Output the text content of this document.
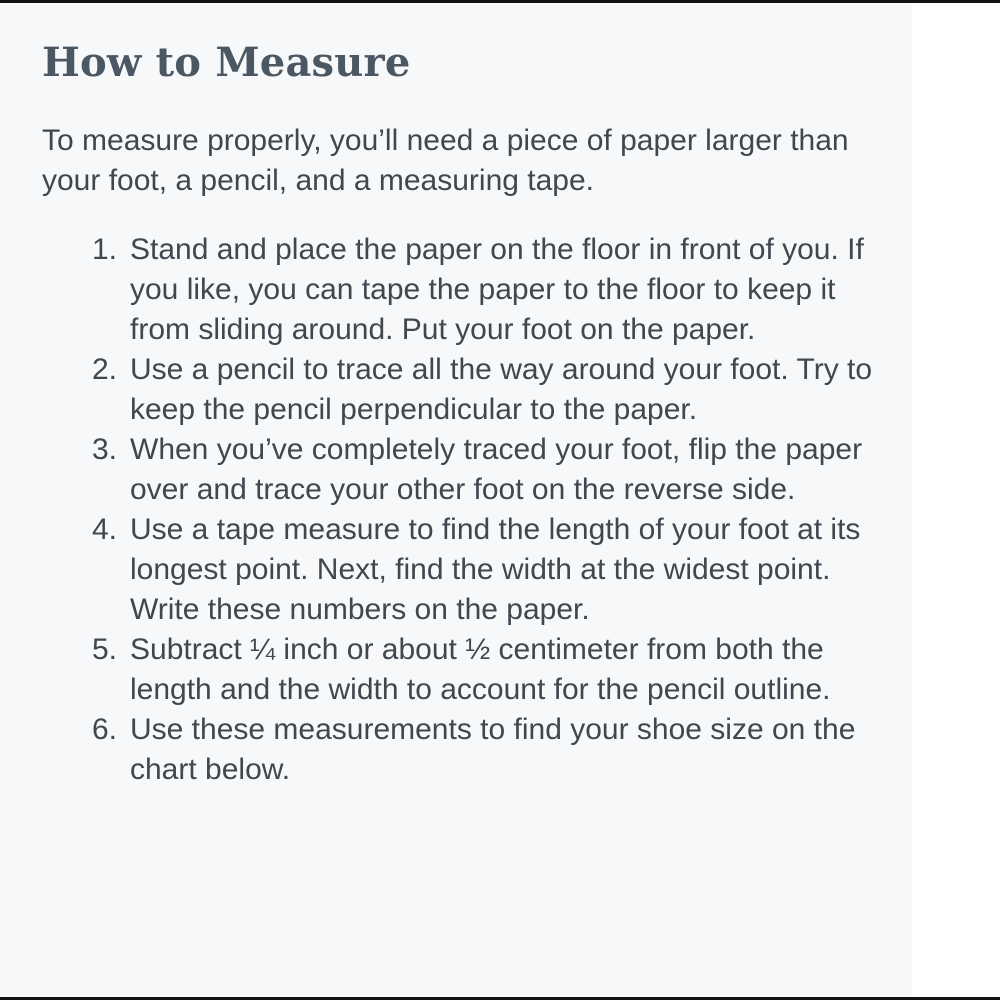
How to Measure

To measure properly, you’ll need a piece of paper larger than your foot, a pencil, and a measuring tape.

1. Stand and place the paper on the floor in front of you. If you like, you can tape the paper to the floor to keep it from sliding around. Put your foot on the paper.
2. Use a pencil to trace all the way around your foot. Try to keep the pencil perpendicular to the paper.
3. When you’ve completely traced your foot, flip the paper over and trace your other foot on the reverse side.
4. Use a tape measure to find the length of your foot at its longest point. Next, find the width at the widest point. Write these numbers on the paper.
5. Subtract ¼ inch or about ½ centimeter from both the length and the width to account for the pencil outline.
6. Use these measurements to find your shoe size on the chart below.
